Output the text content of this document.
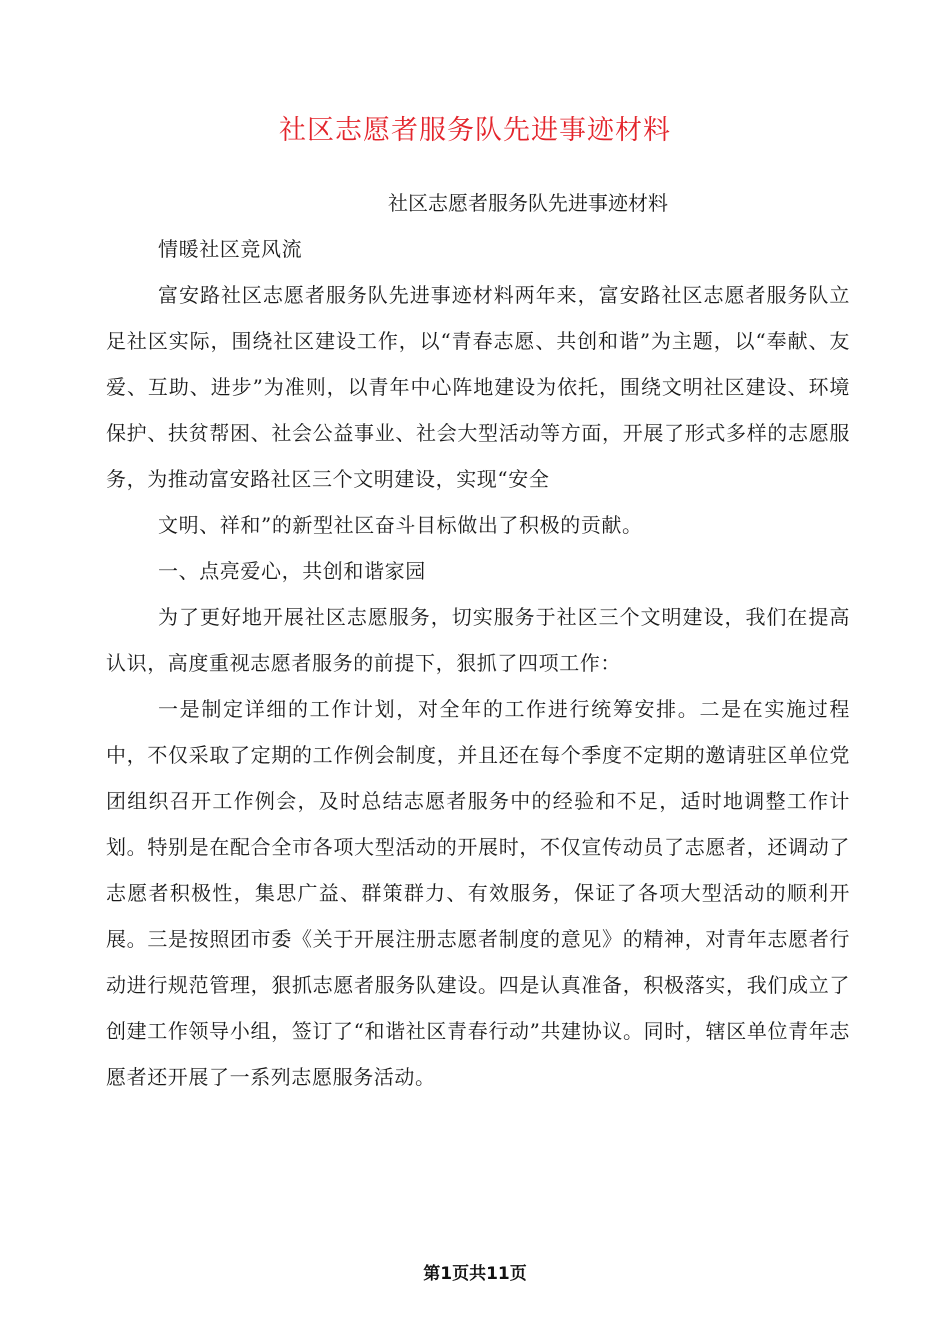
社区志愿者服务队先进事迹材料

社区志愿者服务队先进事迹材料

情暖社区竞风流

富安路社区志愿者服务队先进事迹材料两年来，富安路社区志愿者服务队立足社区实际，围绕社区建设工作，以“青春志愿、共创和谐”为主题，以“奉献、友爱、互助、进步”为准则，以青年中心阵地建设为依托，围绕文明社区建设、环境保护、扶贫帮困、社会公益事业、社会大型活动等方面，开展了形式多样的志愿服务，为推动富安路社区三个文明建设，实现“安全

文明、祥和”的新型社区奋斗目标做出了积极的贡献。

一、点亮爱心，共创和谐家园

为了更好地开展社区志愿服务，切实服务于社区三个文明建设，我们在提高认识，高度重视志愿者服务的前提下，狠抓了四项工作：

一是制定详细的工作计划，对全年的工作进行统筹安排。二是在实施过程中，不仅采取了定期的工作例会制度，并且还在每个季度不定期的邀请驻区单位党团组织召开工作例会，及时总结志愿者服务中的经验和不足，适时地调整工作计划。特别是在配合全市各项大型活动的开展时，不仅宣传动员了志愿者，还调动了志愿者积极性，集思广益、群策群力、有效服务，保证了各项大型活动的顺利开展。三是按照团市委《关于开展注册志愿者制度的意见》的精神，对青年志愿者行动进行规范管理，狠抓志愿者服务队建设。四是认真准备，积极落实，我们成立了创建工作领导小组，签订了“和谐社区青春行动”共建协议。同时，辖区单位青年志愿者还开展了一系列志愿服务活动。

第1页共11页
